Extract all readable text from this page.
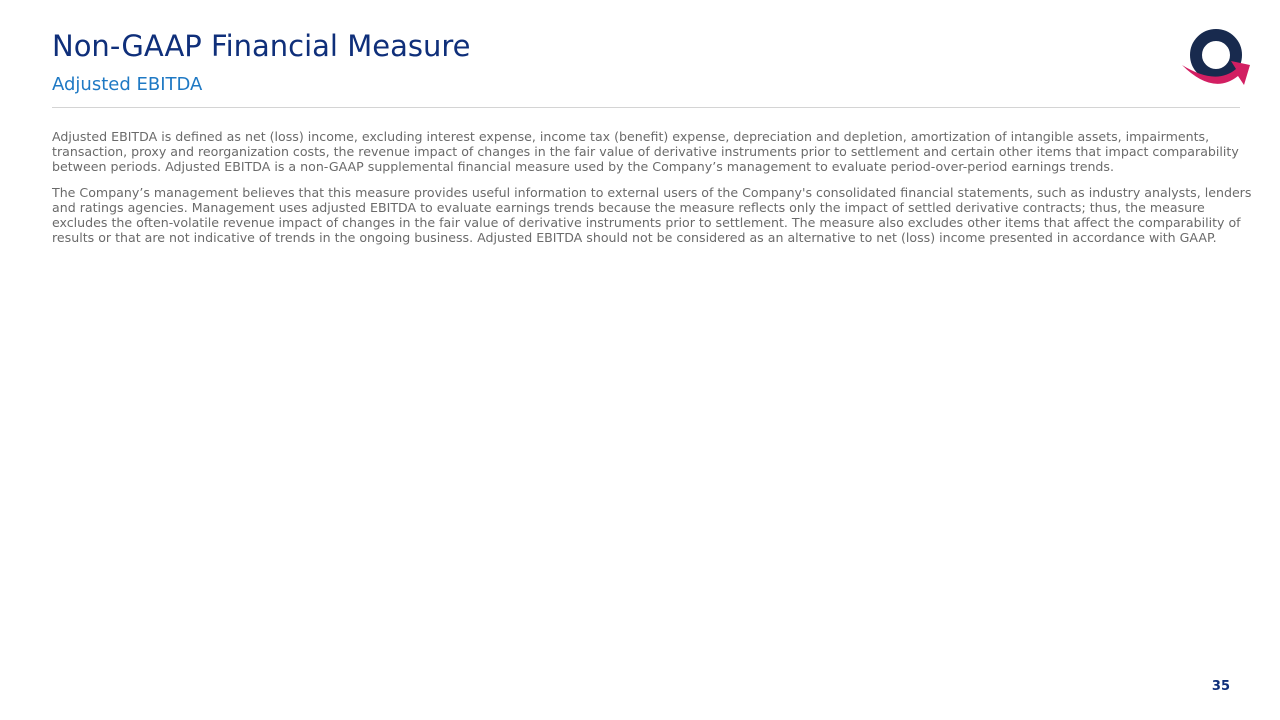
Non-GAAP Financial Measure
Adjusted EBITDA

Adjusted EBITDA is defined as net (loss) income, excluding interest expense, income tax (benefit) expense, depreciation and depletion, amortization of intangible assets, impairments, transaction, proxy and reorganization costs, the revenue impact of changes in the fair value of derivative instruments prior to settlement and certain other items that impact comparability between periods. Adjusted EBITDA is a non-GAAP supplemental financial measure used by the Company’s management to evaluate period-over-period earnings trends.

The Company’s management believes that this measure provides useful information to external users of the Company's consolidated financial statements, such as industry analysts, lenders and ratings agencies. Management uses adjusted EBITDA to evaluate earnings trends because the measure reflects only the impact of settled derivative contracts; thus, the measure excludes the often-volatile revenue impact of changes in the fair value of derivative instruments prior to settlement. The measure also excludes other items that affect the comparability of results or that are not indicative of trends in the ongoing business. Adjusted EBITDA should not be considered as an alternative to net (loss) income presented in accordance with GAAP.

35
